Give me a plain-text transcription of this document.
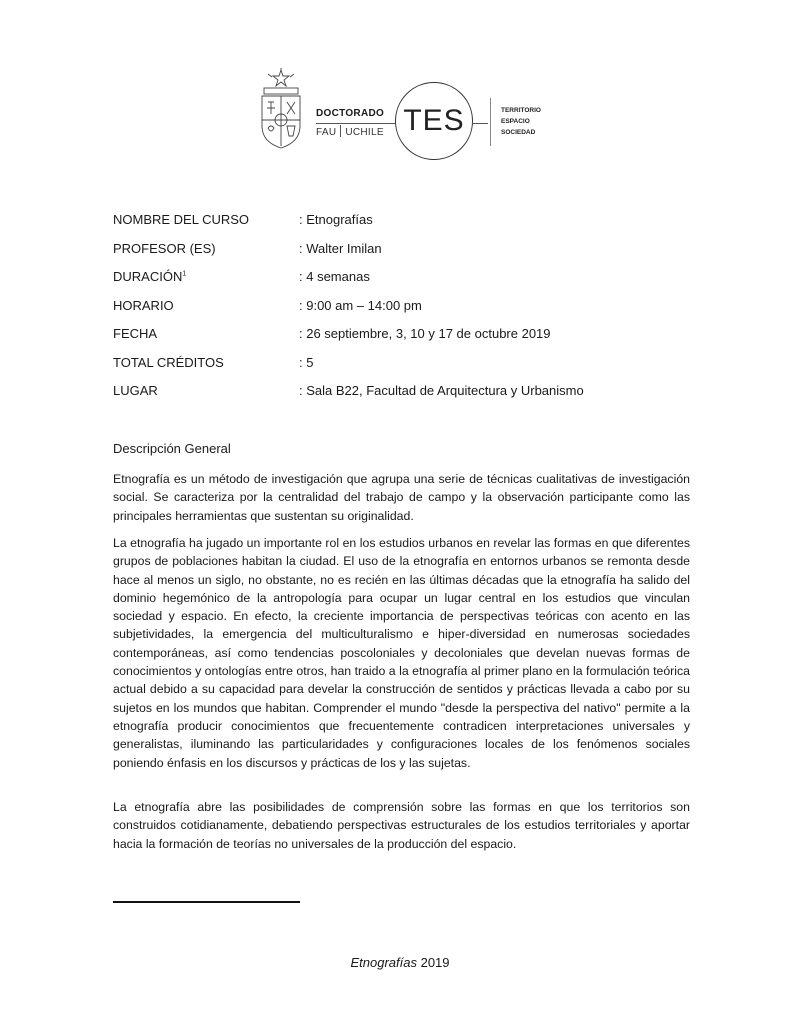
DOCTORADO
FAU UCHILE TES	TERRITORIO
ESPACIO
SOCIEDAD
NOMBRE DEL CURSO	: Etnografías
PROFESOR (ES)	: Walter Imilan
DURACIÓN$^1$	: 4 semanas
HORARIO	: 9:00 am – 14:00 pm
FECHA	: 26 septiembre, 3, 10 y 17 de octubre 2019
TOTAL CRÉDITOS	: 5
LUGAR	: Sala B22, Facultad de Arquitectura y Urbanismo
Descripción General

Etnografía es un método de investigación que agrupa una serie de técnicas cualitativas de investigación social. Se caracteriza por la centralidad del trabajo de campo y la observación participante como las principales herramientas que sustentan su originalidad.

La etnografía ha jugado un importante rol en los estudios urbanos en revelar las formas en que diferentes grupos de poblaciones habitan la ciudad. El uso de la etnografía en entornos urbanos se remonta desde hace al menos un siglo, no obstante, no es recién en las últimas décadas que la etnografía ha salido del dominio hegemónico de la antropología para ocupar un lugar central en los estudios que vinculan sociedad y espacio. En efecto, la creciente importancia de perspectivas teóricas con acento en las subjetividades, la emergencia del multiculturalismo e hiper-diversidad en numerosas sociedades contemporáneas, así como tendencias poscoloniales y decoloniales que develan nuevas formas de conocimientos y ontologías entre otros, han traido a la etnografía al primer plano en la formulación teórica actual debido a su capacidad para develar la construcción de sentidos y prácticas llevada a cabo por su sujetos en los mundos que habitan. Comprender el mundo "desde la perspectiva del nativo" permite a la etnografía producir conocimientos que frecuentemente contradicen interpretaciones universales y generalistas, iluminando las particularidades y configuraciones locales de los fenómenos sociales poniendo énfasis en los discursos y prácticas de los y las sujetas.

La etnografía abre las posibilidades de comprensión sobre las formas en que los territorios son construidos cotidianamente, debatiendo perspectivas estructurales de los estudios territoriales y aportar hacia la formación de teorías no universales de la producción del espacio.

Etnografías 2019
